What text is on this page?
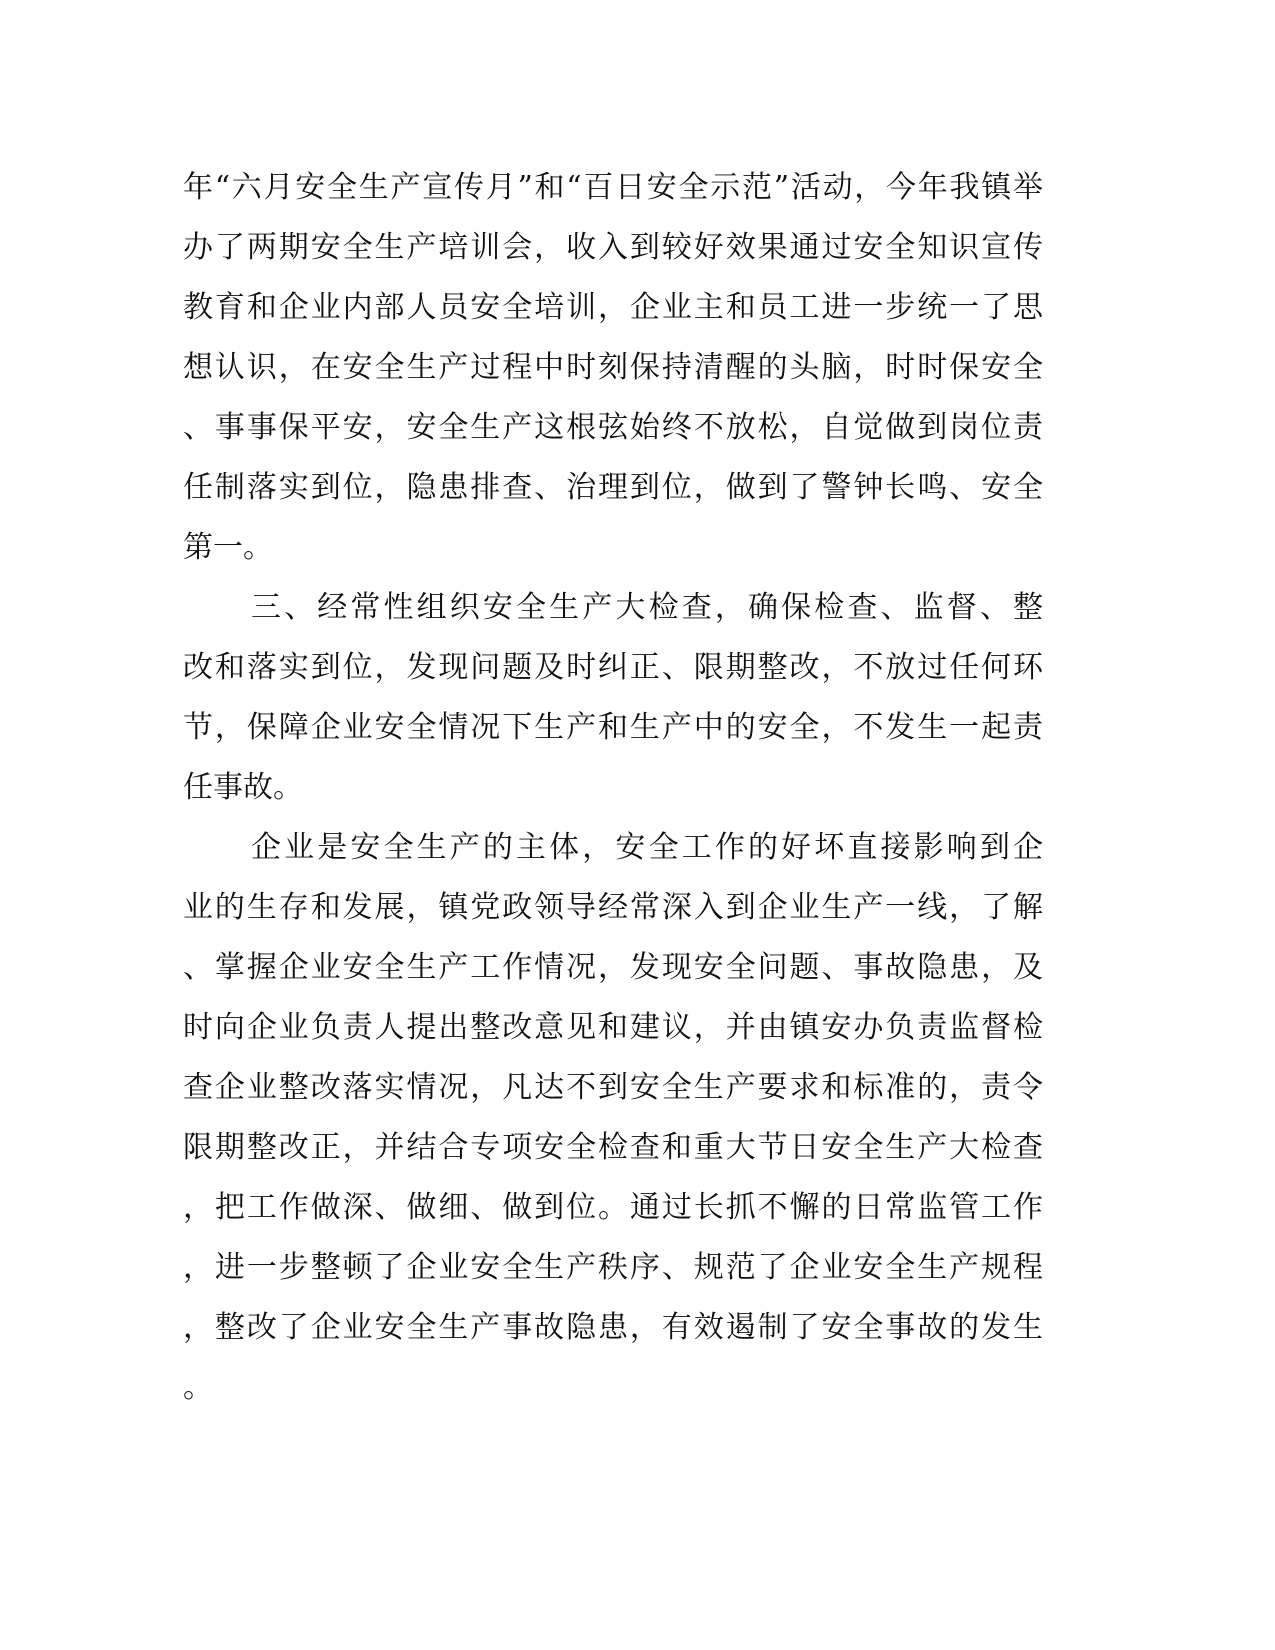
年“六月安全生产宣传月”和“百日安全示范”活动，今年我镇举
办了两期安全生产培训会，收入到较好效果通过安全知识宣传
教育和企业内部人员安全培训，企业主和员工进一步统一了思
想认识，在安全生产过程中时刻保持清醒的头脑，时时保安全
、事事保平安，安全生产这根弦始终不放松，自觉做到岗位责
任制落实到位，隐患排查、治理到位，做到了警钟长鸣、安全
第一。
三、经常性组织安全生产大检查，确保检查、监督、整
改和落实到位，发现问题及时纠正、限期整改，不放过任何环
节，保障企业安全情况下生产和生产中的安全，不发生一起责
任事故。
企业是安全生产的主体，安全工作的好坏直接影响到企
业的生存和发展，镇党政领导经常深入到企业生产一线，了解
、掌握企业安全生产工作情况，发现安全问题、事故隐患，及
时向企业负责人提出整改意见和建议，并由镇安办负责监督检
查企业整改落实情况，凡达不到安全生产要求和标准的，责令
限期整改正，并结合专项安全检查和重大节日安全生产大检查
，把工作做深、做细、做到位。通过长抓不懈的日常监管工作
，进一步整顿了企业安全生产秩序、规范了企业安全生产规程
，整改了企业安全生产事故隐患，有效遏制了安全事故的发生
。
